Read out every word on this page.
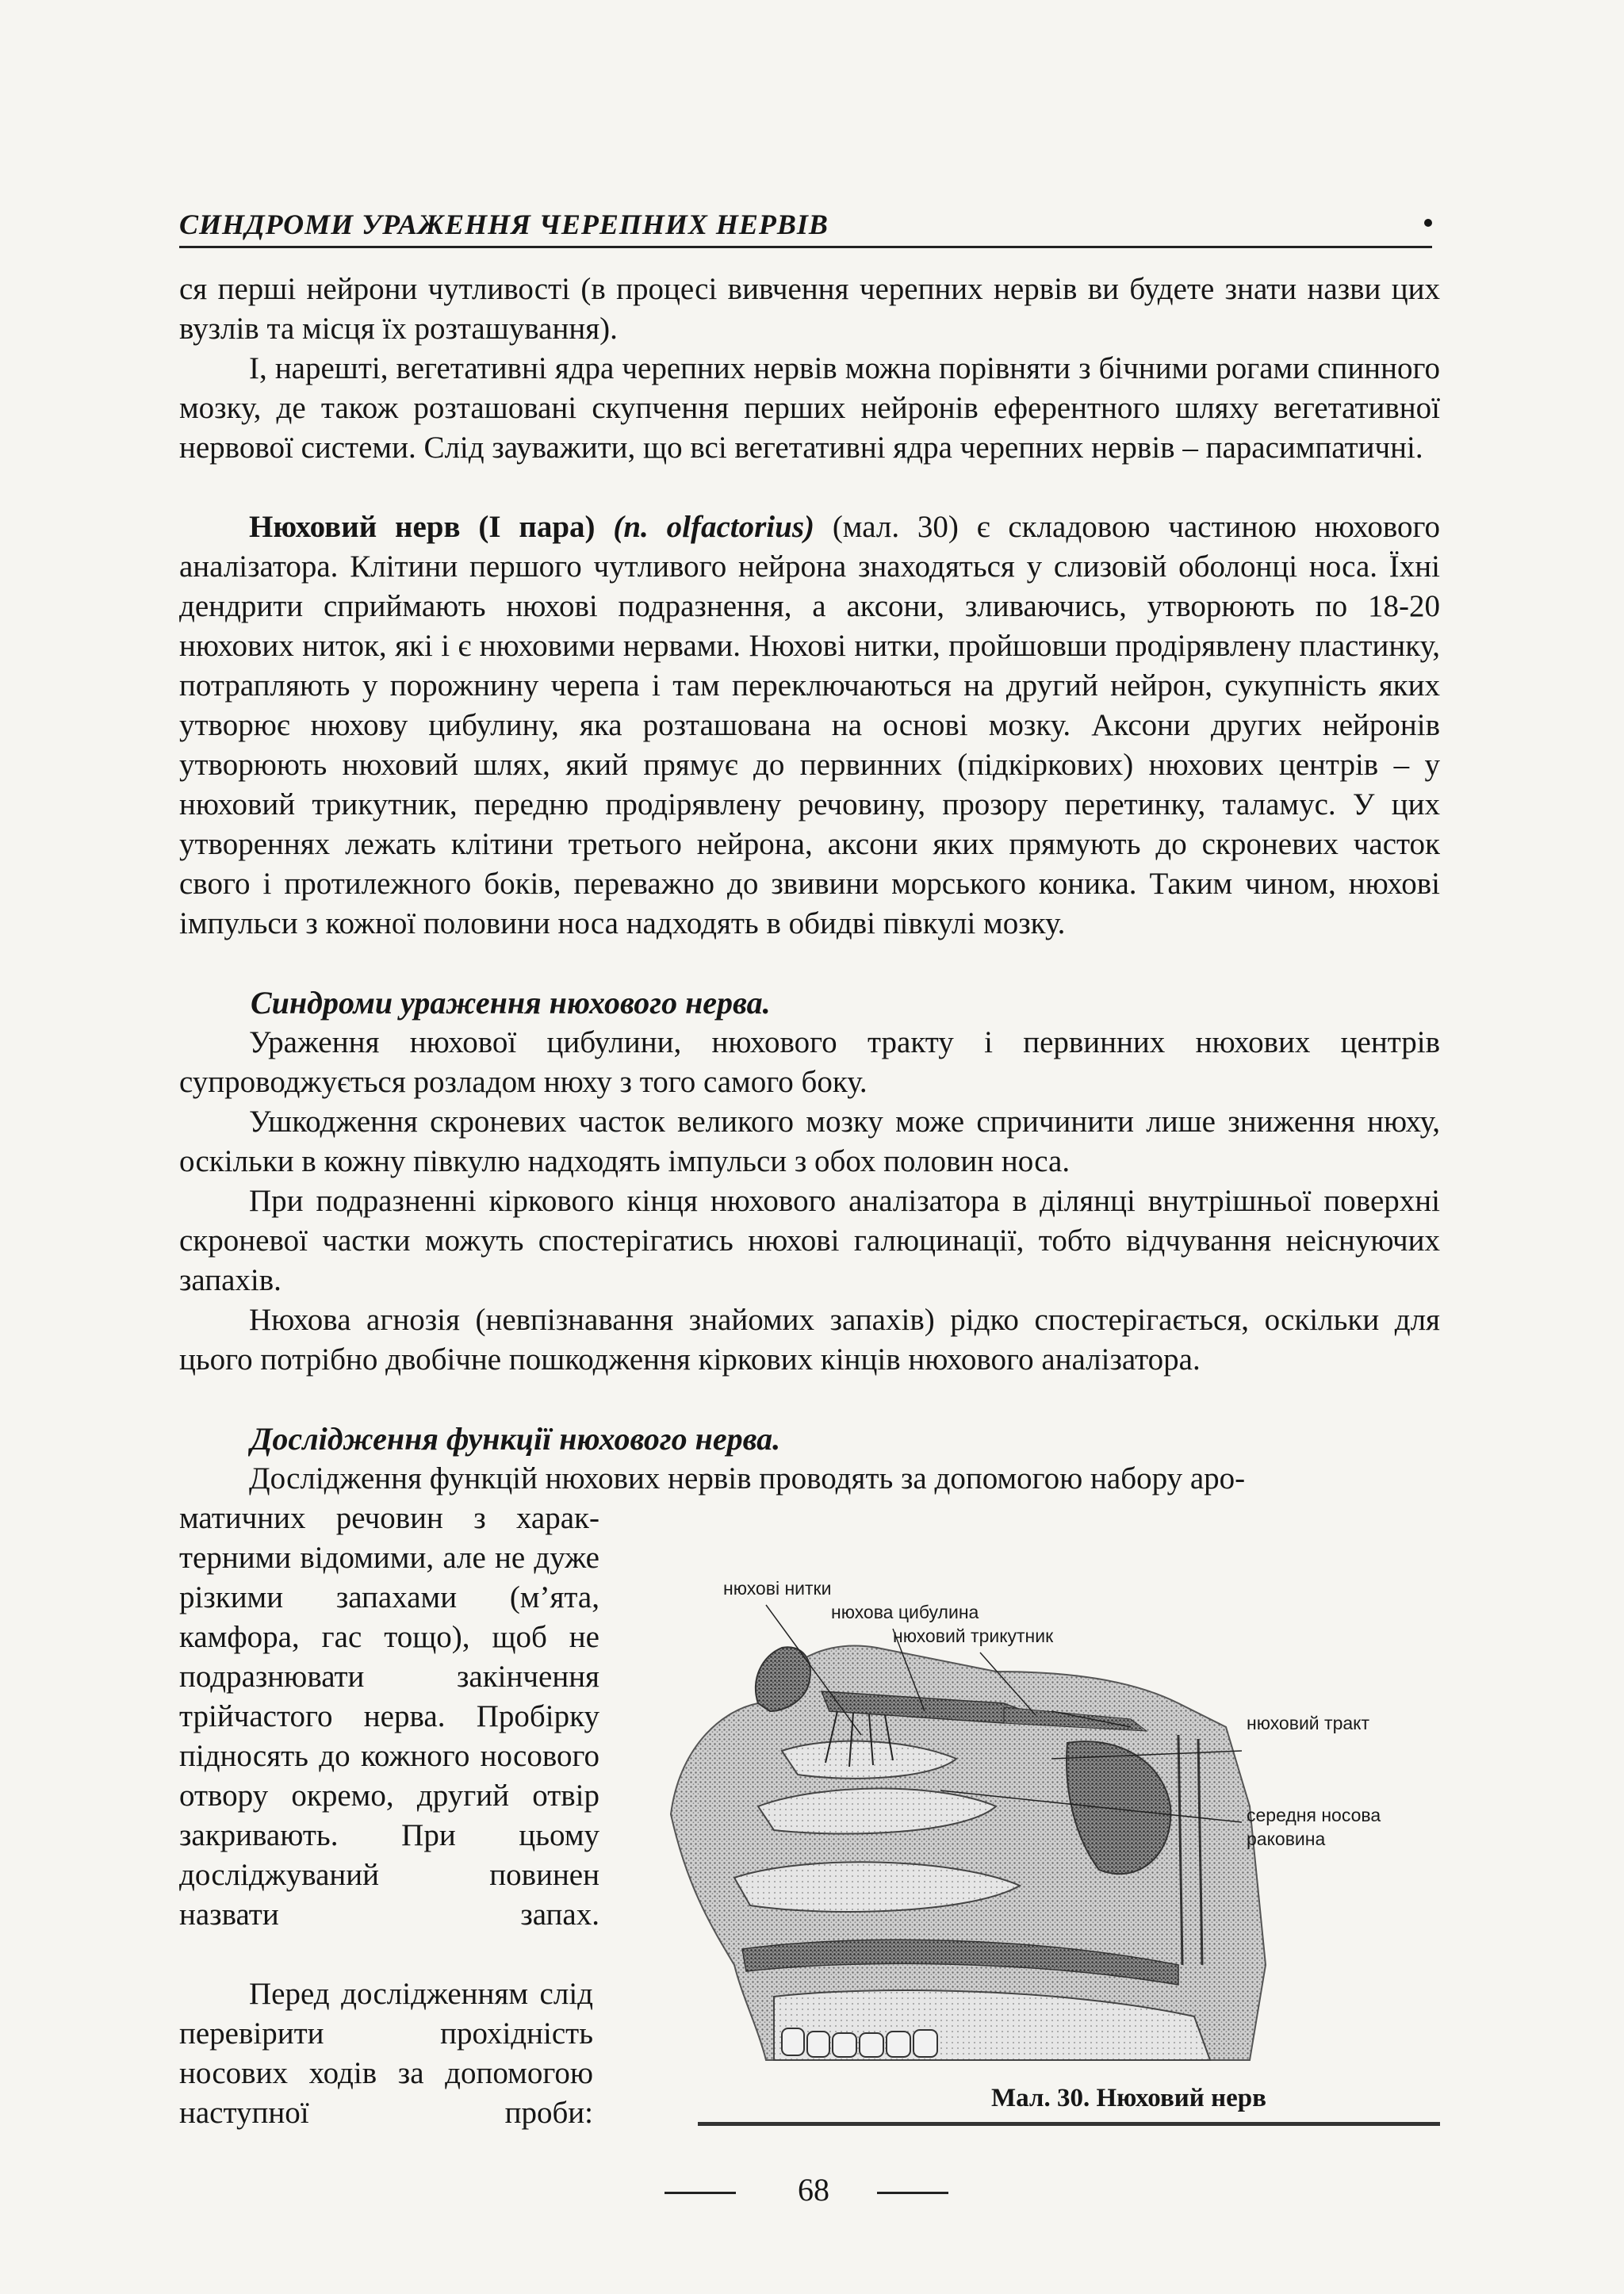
СИНДРОМИ УРАЖЕННЯ ЧЕРЕПНИХ НЕРВІВ

ся перші нейрони чутливості (в процесі вивчення черепних нервів ви будете знати назви цих вузлів та місця їх розташування).

І, нарешті, вегетативні ядра черепних нервів можна порівняти з бічними рогами спинного мозку, де також розташовані скупчення перших нейронів еферентного шляху вегетативної нервової системи. Слід зауважити, що всі вегетативні ядра черепних нервів – парасимпатичні.

Нюховий нерв (І пара) (n. olfactorius) (мал. 30) є складовою частиною нюхового аналізатора. Клітини першого чутливого нейрона знаходяться у слизовій оболонці носа. Їхні дендрити сприймають нюхові подразнення, а аксони, зливаючись, утворюють по 18-20 нюхових ниток, які і є нюховими нервами. Нюхові нитки, пройшовши продірявлену пластинку, потрапляють у порожнину черепа і там переключаються на другий нейрон, сукупність яких утворює нюхову цибулину, яка розташована на основі мозку. Аксони других нейронів утворюють нюховий шлях, який прямує до первинних (підкіркових) нюхових центрів – у нюховий трикутник, передню продірявлену речовину, прозору перетинку, таламус. У цих утвореннях лежать клітини третього нейрона, аксони яких прямують до скроневих часток свого і протилежного боків, переважно до звивини морського коника. Таким чином, нюхові імпульси з кожної половини носа надходять в обидві півкулі мозку.

Синдроми ураження нюхового нерва.

Ураження нюхової цибулини, нюхового тракту і первинних нюхових центрів супроводжується розладом нюху з того самого боку.

Ушкодження скроневих часток великого мозку може спричинити лише зниження нюху, оскільки в кожну півкулю надходять імпульси з обох половин носа.

При подразненні кіркового кінця нюхового аналізатора в ділянці внутрішньої поверхні скроневої частки можуть спостерігатись нюхові галюцинації, тобто відчування неіснуючих запахів.

Нюхова агнозія (невпізнавання знайомих запахів) рідко спостерігається, оскільки для цього потрібно двобічне пошкодження кіркових кінців нюхового аналізатора.

Дослідження функції нюхового нерва.

Дослідження функцій нюхових нервів проводять за допомогою набору аро-

матичних речовин з характерними відомими, але не дуже різкими запахами (м’ята, камфора, гас тощо), щоб не подразнювати закінчення трійчастого нерва. Пробірку підносять до кожного носового отвору окремо, другий отвір закривають. При цьому досліджуваний повинен назвати запах.

Перед дослідженням слід перевірити прохідність носових ходів за допомогою наступної проби:

нюхові нитки
нюхова цибулина
нюховий трикутник
нюховий тракт
середня носова раковина
Мал. 30. Нюховий нерв
68
